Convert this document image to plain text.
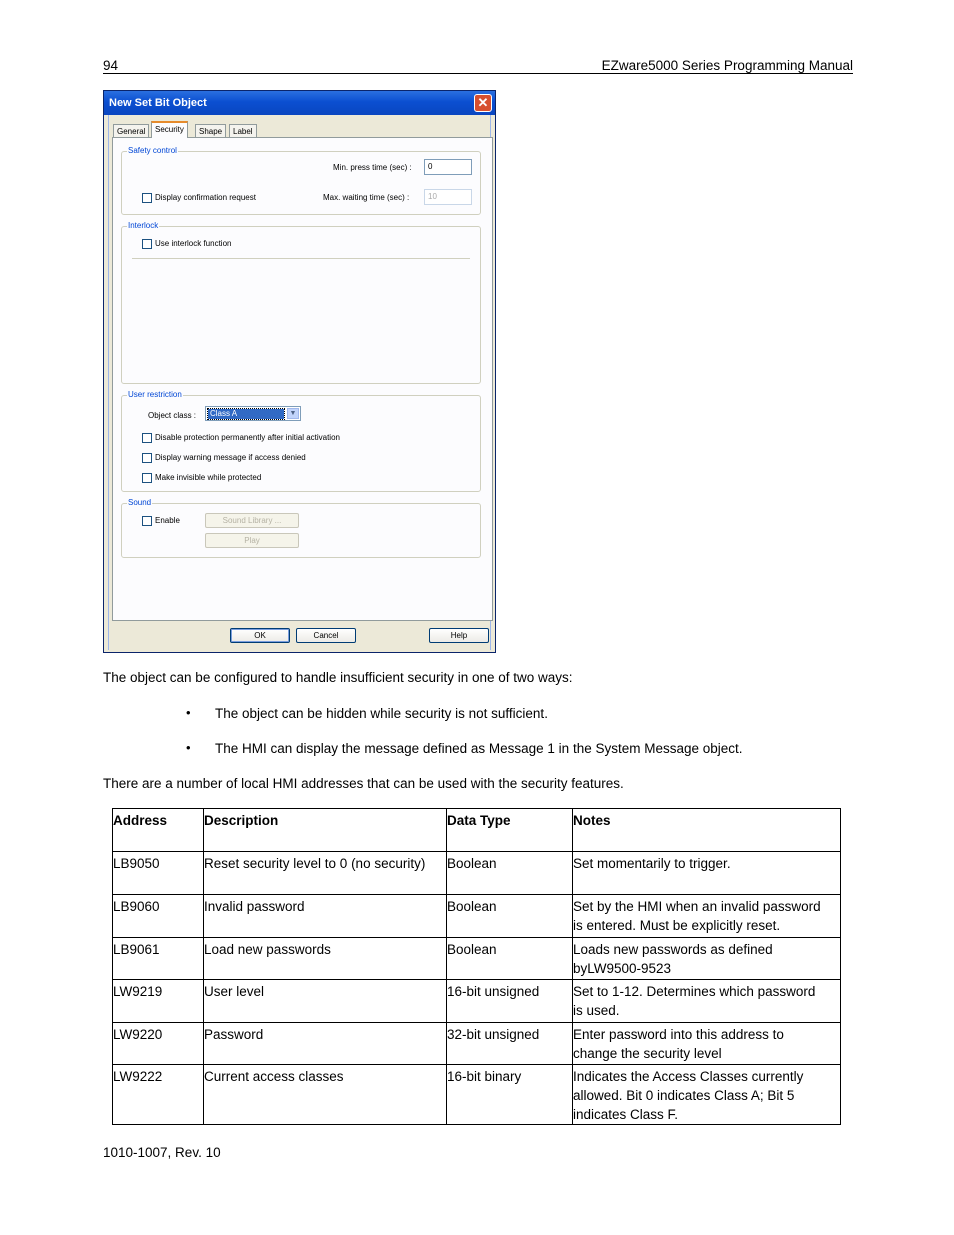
94	EZware5000 Series Programming Manual
New Set Bit Object	✕
General	Security	Shape	Label
Safety control
Min. press time (sec) :	0
Display confirmation request	Max. waiting time (sec) :	10
Interlock
Use interlock function
User restriction
Object class : Class A	▼
Disable protection permanently after initial activation
Display warning message if access denied
Make invisible while protected
Sound
Enable	Sound Library ...
Play
OK	Cancel	Help
The object can be configured to handle insufficient security in one of two ways:
• The object can be hidden while security is not sufficient.
• The HMI can display the message defined as Message 1 in the System Message object.
There are a number of local HMI addresses that can be used with the security features.
Address	Description	Data Type	Notes
LB9050	Reset security level to 0 (no security)	Boolean	Set momentarily to trigger.

LB9060	Invalid password	Boolean	Set by the HMI when an invalid password
is entered. Must be explicitly reset.

LB9061	Load new passwords	Boolean	Loads new passwords as defined
byLW9500-9523

LW9219	User level	16-bit unsigned	Set to 1-12. Determines which password
is used.

LW9220	Password	32-bit unsigned	Enter password into this address to
change the security level

LW9222	Current access classes	16-bit binary	Indicates the Access Classes currently
allowed. Bit 0 indicates Class A; Bit 5
indicates Class F.
1010-1007, Rev. 10
